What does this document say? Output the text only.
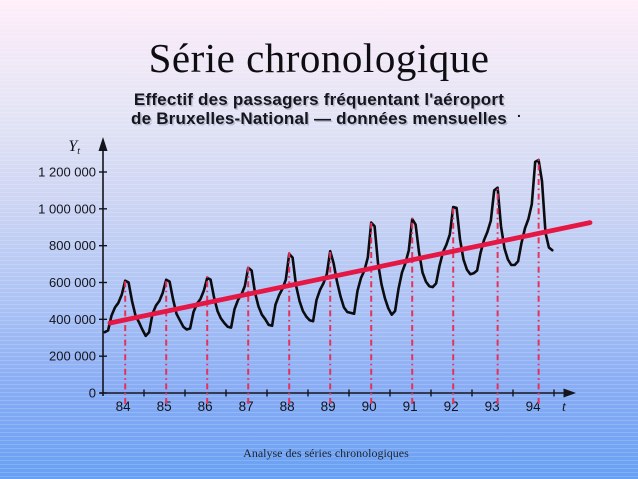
0
200 000
400 000
600 000
800 000
1 000 000
1 200 000
84 85 86 87 88 89 90 91 92 93 94
Yt
t
Série chronologique
Effectif des passagers fréquentant l'aéroport
de Bruxelles-National — données mensuelles .
Analyse des séries chronologiques
